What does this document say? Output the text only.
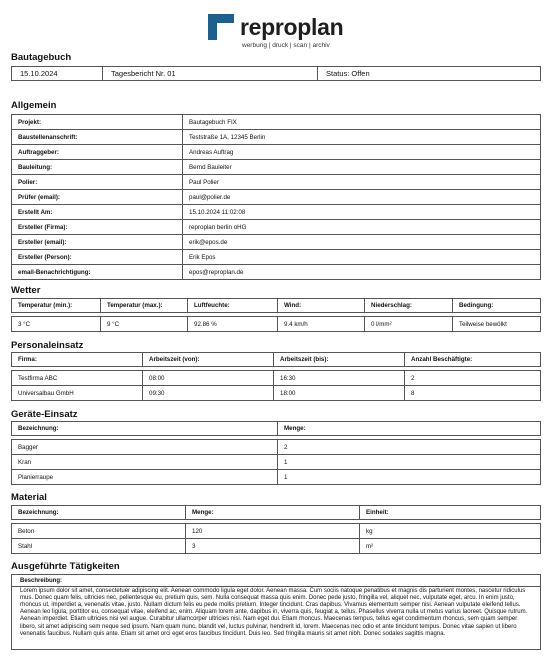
reproplan
werbung | druck | scan | archiv
Bautagebuch
15.10.2024	Tagesbericht Nr. 01	Status: Offen
Allgemein
Projekt:	Bautagebuch FIX
Baustellenanschrift:	Teststraße 1A, 12345 Berlin
Auftraggeber:	Andreas Auftrag
Bauleitung:	Bernd Bauleiter
Polier:	Paul Polier
Prüfer (email):	paul@polier.de
Erstellt Am:	15.10.2024 11:02:08
Ersteller (Firma):	reproplan berlin oHG
Ersteller (email):	erik@epos.de
Ersteller (Person):	Erik Epos
email-Benachrichtigung:	epos@reproplan.de
Wetter
Temperatur (min.):	Temperatur (max.):	Luftfeuchte:	Wind:	Niederschlag:	Bedingung:

3 °C	9 °C	92.86 %	9.4 km/h	0 l/mm²	Teilweise bewölkt
Personaleinsatz
Firma:	Arbeitszeit (von):	Arbeitszeit (bis):	Anzahl Beschäftigte:

Testfirma ABC	08:00	16:30	2
Universalbau GmbH	09:30	18:00	8
Geräte-Einsatz
Bezeichnung:	Menge:

Bagger	2
Kran	1
Planierraupe	1
Material
Bezeichnung:	Menge:	Einheit:

Beton	120	kg
Stahl	3	m²
Ausgeführte Tätigkeiten
Beschreibung:
Lorem ipsum dolor sit amet, consectetuer adipiscing elit. Aenean commodo ligula eget dolor. Aenean massa. Cum sociis natoque penatibus et magnis dis parturient montes, nascetur ridiculus mus. Donec quam felis, ultricies nec, pellentesque eu, pretium quis, sem. Nulla consequat massa quis enim. Donec pede justo, fringilla vel, aliquet nec, vulputate eget, arcu. In enim justo, rhoncus ut, imperdiet a, venenatis vitae, justo. Nullam dictum felis eu pede mollis pretium. Integer tincidunt. Cras dapibus. Vivamus elementum semper nisi. Aenean vulputate eleifend tellus. Aenean leo ligula, porttitor eu, consequat vitae, eleifend ac, enim. Aliquam lorem ante, dapibus in, viverra quis, feugiat a, tellus. Phasellus viverra nulla ut metus varius laoreet. Quisque rutrum. Aenean imperdiet. Etiam ultricies nisi vel augue. Curabitur ullamcorper ultricies nisi. Nam eget dui. Etiam rhoncus. Maecenas tempus, tellus eget condimentum rhoncus, sem quam semper libero, sit amet adipiscing sem neque sed ipsum. Nam quam nunc, blandit vel, luctus pulvinar, hendrerit id, lorem. Maecenas nec odio et ante tincidunt tempus. Donec vitae sapien ut libero venenatis faucibus. Nullam quis ante. Etiam sit amet orci eget eros faucibus tincidunt. Duis leo. Sed fringilla mauris sit amet nibh. Donec sodales sagittis magna.
